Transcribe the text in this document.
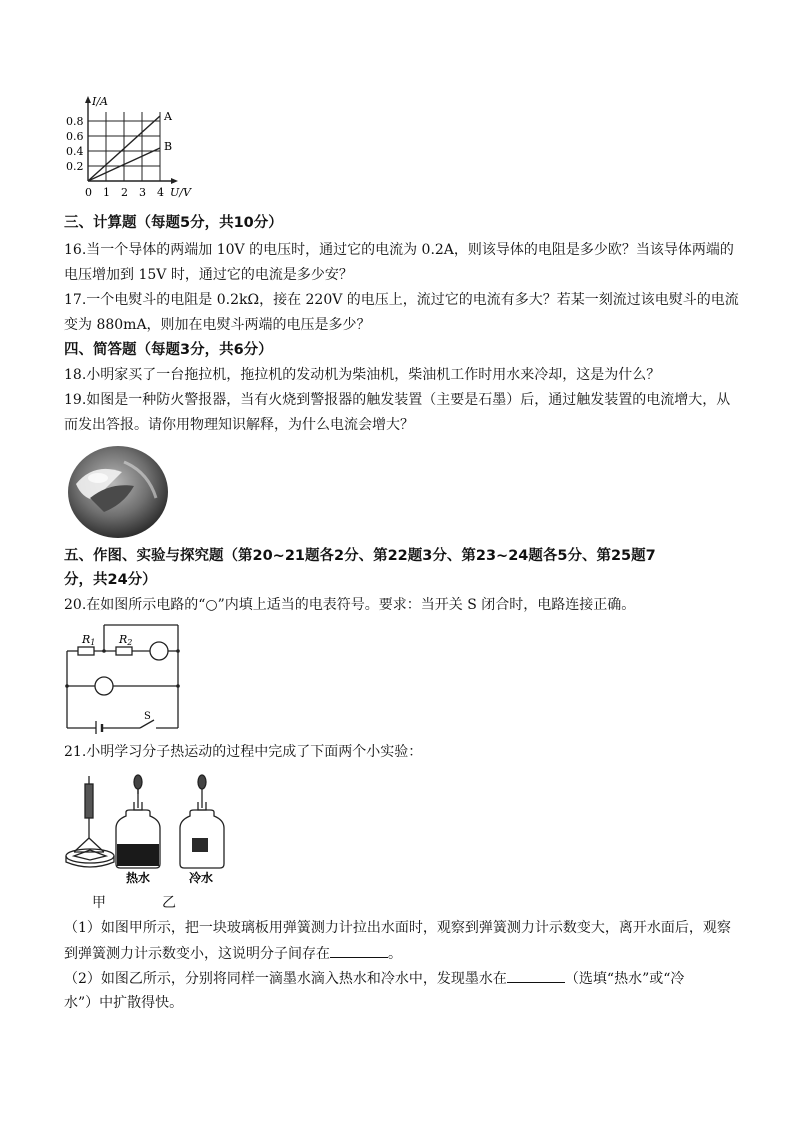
I/A
U/V
0.8
0.6
0.4
0.2
0 1 2 3 4
A
B
三、计算题（每题5分，共10分）
16.当一个导体的两端加 10V 的电压时，通过它的电流为 0.2A，则该导体的电阻是多少欧？当该导体两端的
电压增加到 15V 时，通过它的电流是多少安？
17.一个电熨斗的电阻是 0.2kΩ，接在 220V 的电压上，流过它的电流有多大？若某一刻流过该电熨斗的电流
变为 880mA，则加在电熨斗两端的电压是多少？
四、简答题（每题3分，共6分）
18.小明家买了一台拖拉机，拖拉机的发动机为柴油机，柴油机工作时用水来冷却，这是为什么？
19.如图是一种防火警报器，当有火烧到警报器的触发装置（主要是石墨）后，通过触发装置的电流增大，从
而发出答报。请你用物理知识解释，为什么电流会增大？
五、作图、实验与探究题（第20~21题各2分、第22题3分、第23~24题各5分、第25题7
分，共24分）
20.在如图所示电路的“○”内填上适当的电表符号。要求：当开关 S 闭合时，电路连接正确。
R1 R2
S
21.小明学习分子热运动的过程中完成了下面两个小实验：
热水	冷水
甲	乙
（1）如图甲所示，把一块玻璃板用弹簧测力计拉出水面时，观察到弹簧测力计示数变大，离开水面后，观察
到弹簧测力计示数变小，这说明分子间存在	。
（2）如图乙所示，分别将同样一滴墨水滴入热水和冷水中，发现墨水在	（选填“热水”或“冷
水”）中扩散得快。
